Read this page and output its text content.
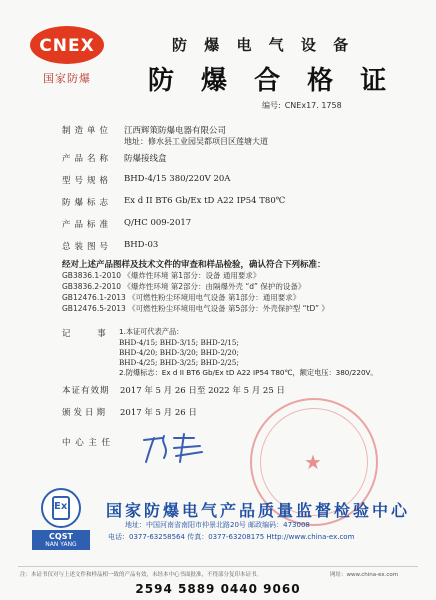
CNEX
国家防爆
防 爆 电 气 设 备
防 爆 合 格 证
编号: CNEx17. 1758
制造单位 江西辉策防爆电器有限公司
地址：修水县工业园吴都项目区莲塘大道
产品名称 防爆接线盒
型号规格 BHD-4/15 380/220V 20A
防爆标志 Ex d II BT6 Gb/Ex tD A22 IP54 T80℃
产品标准 Q/HC 009-2017
总装图号 BHD-03
经对上述产品图样及技术文件的审查和样品检验，确认符合下列标准：
GB3836.1-2010 《爆炸性环境 第1部分：设备 通用要求》
GB3836.2-2010 《爆炸性环境 第2部分：由隔爆外壳 “d” 保护的设备》
GB12476.1-2013 《可燃性粉尘环境用电气设备 第1部分：通用要求》
GB12476.5-2013 《可燃性粉尘环境用电气设备 第5部分：外壳保护型 “tD” 》
记 事 1.本证可代表产品：
BHD-4/15; BHD-3/15; BHD-2/15;
BHD-4/20; BHD-3/20; BHD-2/20;
BHD-4/25; BHD-3/25; BHD-2/25;
2.防爆标志：Ex d II BT6 Gb/Ex tD A22 IP54 T80℃，额定电压：380/220V。
本证有效期 2017 年 5 月 26 日至 2022 年 5 月 25 日
颁发日期 2017 年 5 月 26 日
中 心 主 任
★
Ex
CQST
NAN YANG
国家防爆电气产品质量监督检验中心
地址：中国河南省南阳市仲景北路20号 邮政编码：473008
电话：0377-63258564 传真：0377-63208175 Http://www.china-ex.com
注：本证书仅对与上述文件和样品相一致的产品有效，未经本中心书面批准，不得部分复印本证书。	网址：www.china-ex.com
2594 5889 0440 9060
